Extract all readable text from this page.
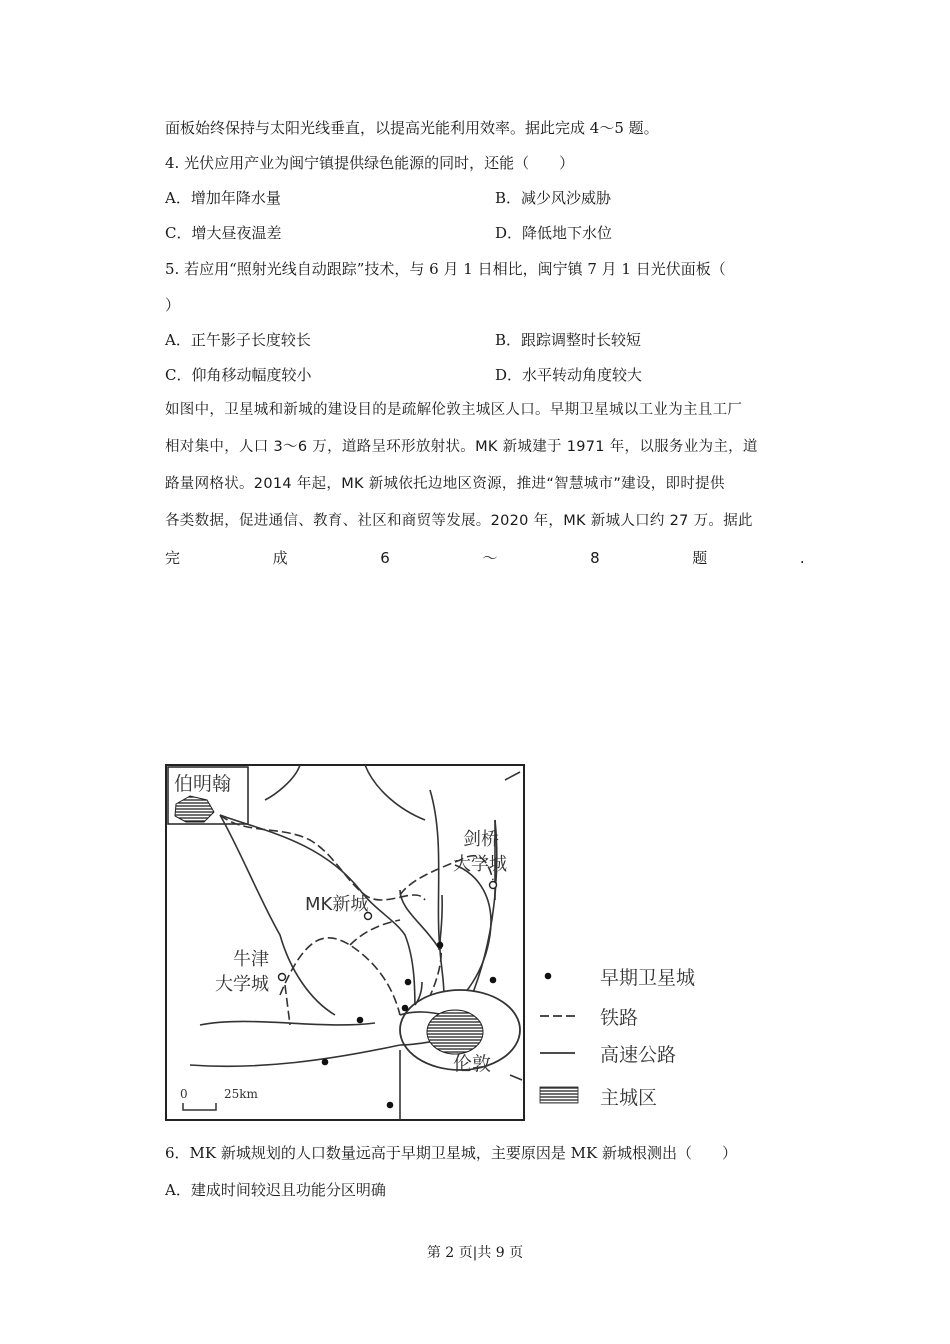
面板始终保持与太阳光线垂直，以提高光能利用效率。据此完成 4～5 题。
4. 光伏应用产业为闽宁镇提供绿色能源的同时，还能（　　）
A．增加年降水量	B．减少风沙威胁
C．增大昼夜温差	D．降低地下水位
5. 若应用“照射光线自动跟踪”技术，与 6 月 1 日相比，闽宁镇 7 月 1 日光伏面板（
）
A．正午影子长度较长	B．跟踪调整时长较短
C．仰角移动幅度较小	D．水平转动角度较大
如图中，卫星城和新城的建设目的是疏解伦敦主城区人口。早期卫星城以工业为主且工厂
相对集中，人口 3～6 万，道路呈环形放射状。MK 新城建于 1971 年，以服务业为主，道
路量网格状。2014 年起，MK 新城依托边地区资源，推进“智慧城市”建设，即时提供
各类数据，促进通信、教育、社区和商贸等发展。2020 年，MK 新城人口约 27 万。据此
完	成	6	～	8	题	.
伯明翰
剑桥
大学城
MK新城
牛津
大学城
伦敦
0	25km
早期卫星城
铁路
高速公路
主城区
6．MK 新城规划的人口数量远高于早期卫星城，主要原因是 MK 新城根测出（　　）
A．建成时间较迟且功能分区明确
第 2 页|共 9 页
